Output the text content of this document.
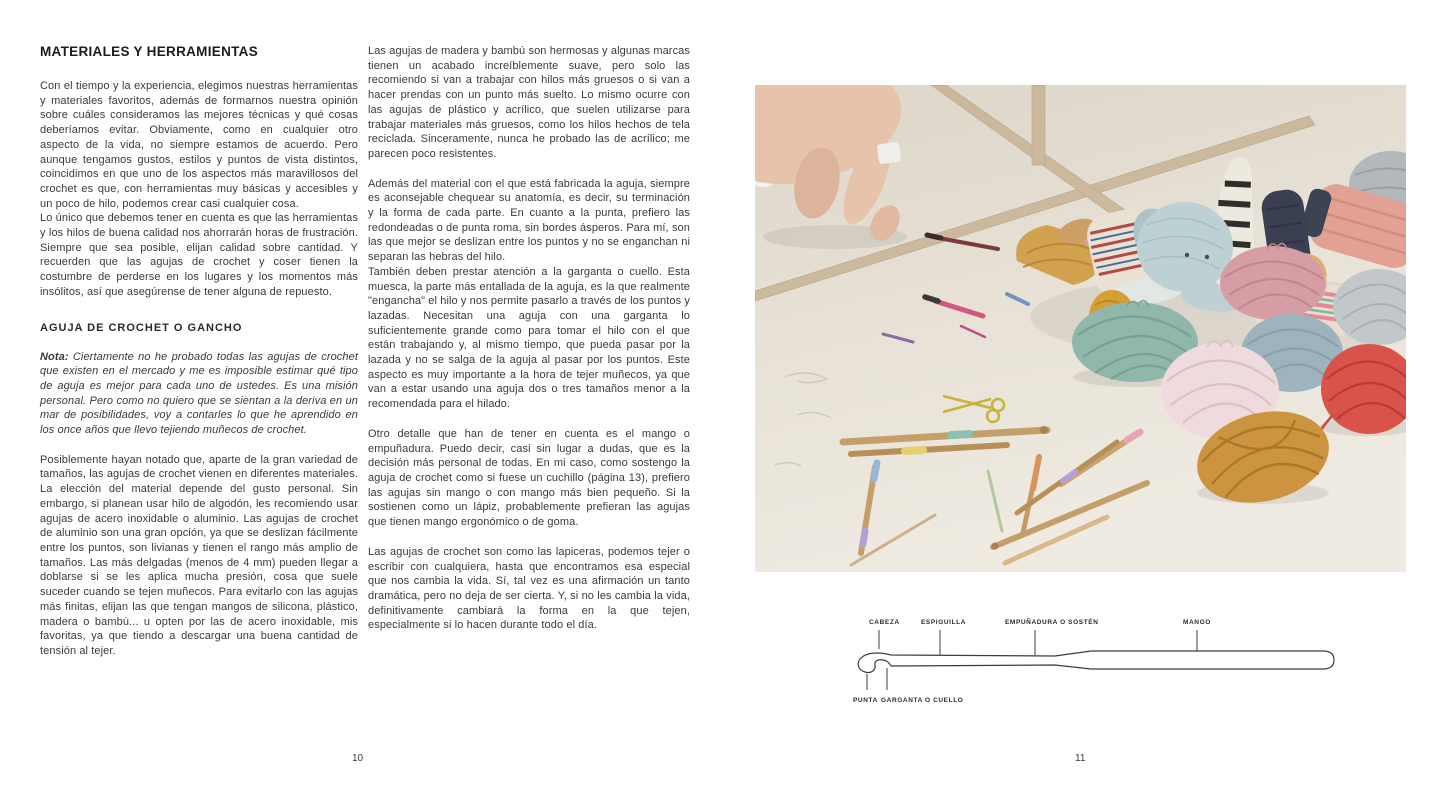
MATERIALES Y HERRAMIENTAS

Con el tiempo y la experiencia, elegimos nuestras herramientas y materiales favoritos, además de formarnos nuestra opinión sobre cuáles consideramos las mejores técnicas y qué cosas deberíamos evitar. Obviamente, como en cualquier otro aspecto de la vida, no siempre estamos de acuerdo. Pero aunque tengamos gustos, estilos y puntos de vista distintos, coincidimos en que uno de los aspectos más maravillosos del crochet es que, con herramientas muy básicas y accesibles y un poco de hilo, podemos crear casi cualquier cosa.

Lo único que debemos tener en cuenta es que las herramientas y los hilos de buena calidad nos ahorrarán horas de frustración. Siempre que sea posible, elijan calidad sobre cantidad. Y recuerden que las agujas de crochet y coser tienen la costumbre de perderse en los lugares y los momentos más insólitos, así que asegúrense de tener alguna de repuesto.

AGUJA DE CROCHET O GANCHO

Nota: Ciertamente no he probado todas las agujas de crochet que existen en el mercado y me es imposible estimar qué tipo de aguja es mejor para cada uno de ustedes. Es una misión personal. Pero como no quiero que se sientan a la deriva en un mar de posibilidades, voy a contarles lo que he aprendido en los once años que llevo tejiendo muñecos de crochet.

Posiblemente hayan notado que, aparte de la gran variedad de tamaños, las agujas de crochet vienen en diferentes materiales. La elección del material depende del gusto personal. Sin embargo, si planean usar hilo de algodón, les recomiendo usar agujas de acero inoxidable o aluminio. Las agujas de crochet de aluminio son una gran opción, ya que se deslizan fácilmente entre los puntos, son livianas y tienen el rango más amplio de tamaños. Las más delgadas (menos de 4 mm) pueden llegar a doblarse si se les aplica mucha presión, cosa que suele suceder cuando se tejen muñecos. Para evitarlo con las agujas más finitas, elijan las que tengan mangos de silicona, plástico, madera o bambú... u opten por las de acero inoxidable, mis favoritas, ya que tiendo a descargar una buena cantidad de tensión al tejer.

Las agujas de madera y bambú son hermosas y algunas marcas tienen un acabado increíblemente suave, pero solo las recomiendo si van a trabajar con hilos más gruesos o si van a hacer prendas con un punto más suelto. Lo mismo ocurre con las agujas de plástico y acrílico, que suelen utilizarse para trabajar materiales más gruesos, como los hilos hechos de tela reciclada. Sinceramente, nunca he probado las de acrílico; me parecen poco resistentes.

Además del material con el que está fabricada la aguja, siempre es aconsejable chequear su anatomía, es decir, su terminación y la forma de cada parte. En cuanto a la punta, prefiero las redondeadas o de punta roma, sin bordes ásperos. Para mí, son las que mejor se deslizan entre los puntos y no se enganchan ni separan las hebras del hilo.

También deben prestar atención a la garganta o cuello. Esta muesca, la parte más entallada de la aguja, es la que realmente "engancha" el hilo y nos permite pasarlo a través de los puntos y lazadas. Necesitan una aguja con una garganta lo suficientemente grande como para tomar el hilo con el que están trabajando y, al mismo tiempo, que pueda pasar por la lazada y no se salga de la aguja al pasar por los puntos. Este aspecto es muy importante a la hora de tejer muñecos, ya que van a estar usando una aguja dos o tres tamaños menor a la recomendada para el hilado.

Otro detalle que han de tener en cuenta es el mango o empuñadura. Puedo decir, casi sin lugar a dudas, que es la decisión más personal de todas. En mi caso, como sostengo la aguja de crochet como si fuese un cuchillo (página 13), prefiero las agujas sin mango o con mango más bien pequeño. Si la sostienen como un lápiz, probablemente prefieran las agujas que tienen mango ergonómico o de goma.

Las agujas de crochet son como las lapiceras, podemos tejer o escribir con cualquiera, hasta que encontramos esa especial que nos cambia la vida. Sí, tal vez es una afirmación un tanto dramática, pero no deja de ser cierta. Y, si no les cambia la vida, definitivamente cambiará la forma en la que tejen, especialmente si lo hacen durante todo el día.

10	11
CABEZA	ESPIGUILLA	EMPUÑADURA O SOSTÉN	MANGO
PUNTA GARGANTA O CUELLO
